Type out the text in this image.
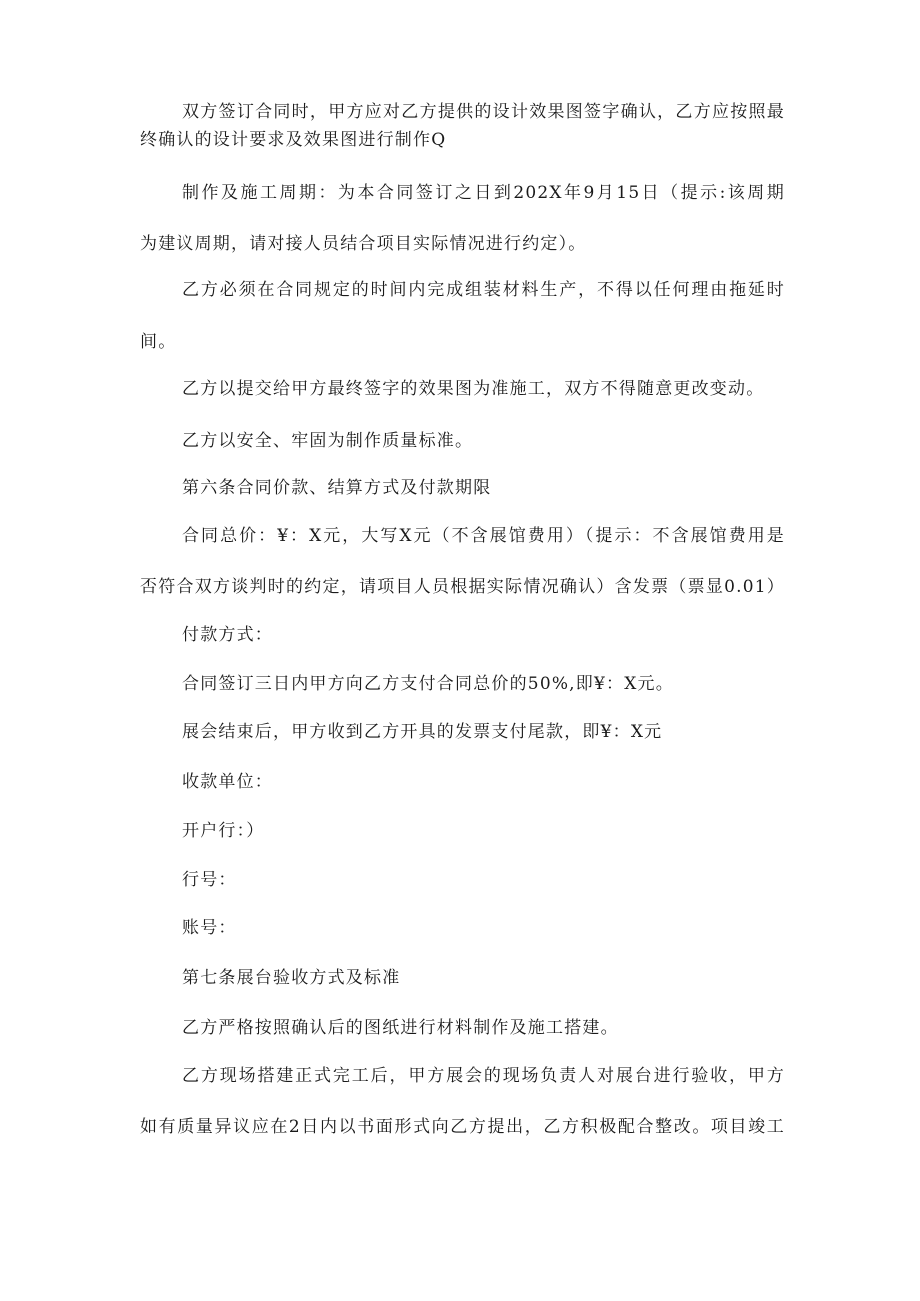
双方签订合同时，甲方应对乙方提供的设计效果图签字确认，乙方应按照最
终确认的设计要求及效果图进行制作Q

制作及施工周期：为本合同签订之日到202X年9月15日（提示:该周期
为建议周期，请对接人员结合项目实际情况进行约定）。

乙方必须在合同规定的时间内完成组装材料生产，不得以任何理由拖延时
间。

乙方以提交给甲方最终签字的效果图为准施工，双方不得随意更改变动。

乙方以安全、牢固为制作质量标准。

第六条合同价款、结算方式及付款期限

合同总价：¥：X元，大写X元（不含展馆费用）（提示：不含展馆费用是
否符合双方谈判时的约定，请项目人员根据实际情况确认）含发票（票显0.01）

付款方式：

合同签订三日内甲方向乙方支付合同总价的50%,即¥：X元。

展会结束后，甲方收到乙方开具的发票支付尾款，即¥：X元

收款单位：

开户行：）

行号：

账号：

第七条展台验收方式及标准

乙方严格按照确认后的图纸进行材料制作及施工搭建。

乙方现场搭建正式完工后，甲方展会的现场负责人对展台进行验收，甲方
如有质量异议应在2日内以书面形式向乙方提出，乙方积极配合整改。项目竣工
